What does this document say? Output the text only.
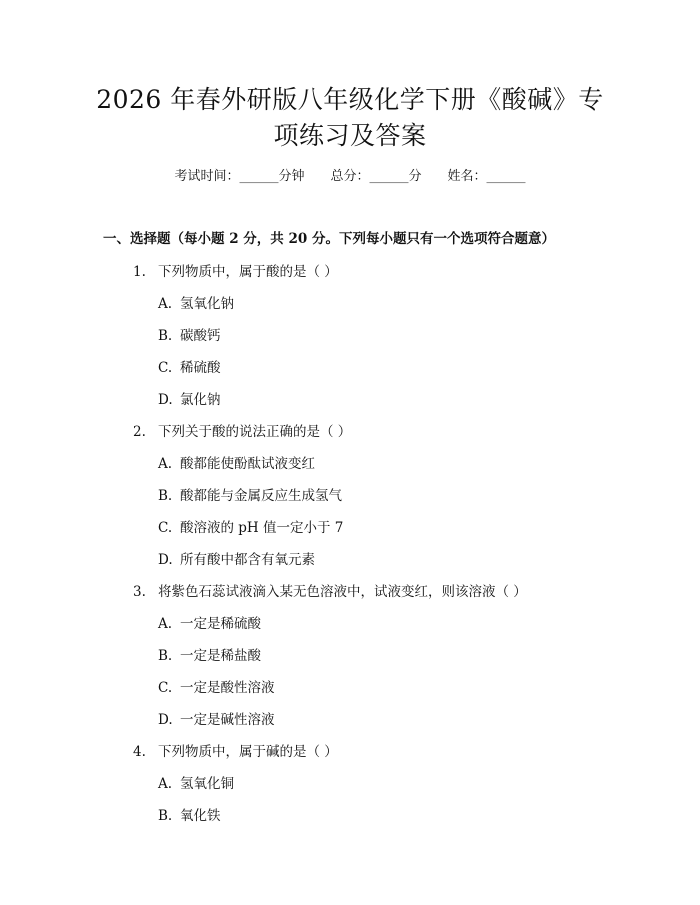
2026 年春外研版八年级化学下册《酸碱》专
项练习及答案
考试时间：______分钟 总分：______分 姓名：______
一、选择题（每小题 2 分，共 20 分。下列每小题只有一个选项符合题意）
1. 下列物质中，属于酸的是（ ）
A. 氢氧化钠
B. 碳酸钙
C. 稀硫酸
D. 氯化钠
2. 下列关于酸的说法正确的是（ ）
A. 酸都能使酚酞试液变红
B. 酸都能与金属反应生成氢气
C. 酸溶液的 pH 值一定小于 7
D. 所有酸中都含有氧元素
3. 将紫色石蕊试液滴入某无色溶液中，试液变红，则该溶液（ ）
A. 一定是稀硫酸
B. 一定是稀盐酸
C. 一定是酸性溶液
D. 一定是碱性溶液
4. 下列物质中，属于碱的是（ ）
A. 氢氧化铜
B. 氧化铁
